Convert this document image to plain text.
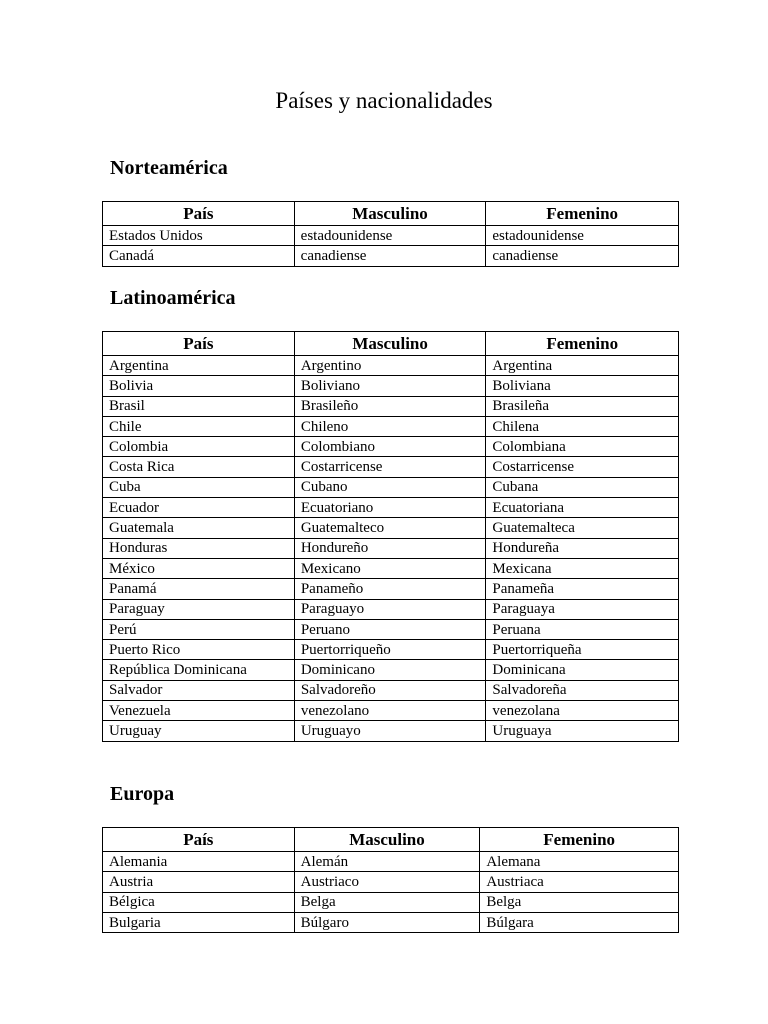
Países y nacionalidades
Norteamérica
País	Masculino	Femenino
Estados Unidos	estadounidense	estadounidense
Canadá	canadiense	canadiense
Latinoamérica
País	Masculino	Femenino
Argentina	Argentino	Argentina
Bolivia	Boliviano	Boliviana
Brasil	Brasileño	Brasileña
Chile	Chileno	Chilena
Colombia	Colombiano	Colombiana
Costa Rica	Costarricense	Costarricense
Cuba	Cubano	Cubana
Ecuador	Ecuatoriano	Ecuatoriana
Guatemala	Guatemalteco	Guatemalteca
Honduras	Hondureño	Hondureña
México	Mexicano	Mexicana
Panamá	Panameño	Panameña
Paraguay	Paraguayo	Paraguaya
Perú	Peruano	Peruana
Puerto Rico	Puertorriqueño	Puertorriqueña
República Dominicana	Dominicano	Dominicana
Salvador	Salvadoreño	Salvadoreña
Venezuela	venezolano	venezolana
Uruguay	Uruguayo	Uruguaya
Europa
País	Masculino	Femenino
Alemania	Alemán	Alemana
Austria	Austriaco	Austriaca
Bélgica	Belga	Belga
Bulgaria	Búlgaro	Búlgara
